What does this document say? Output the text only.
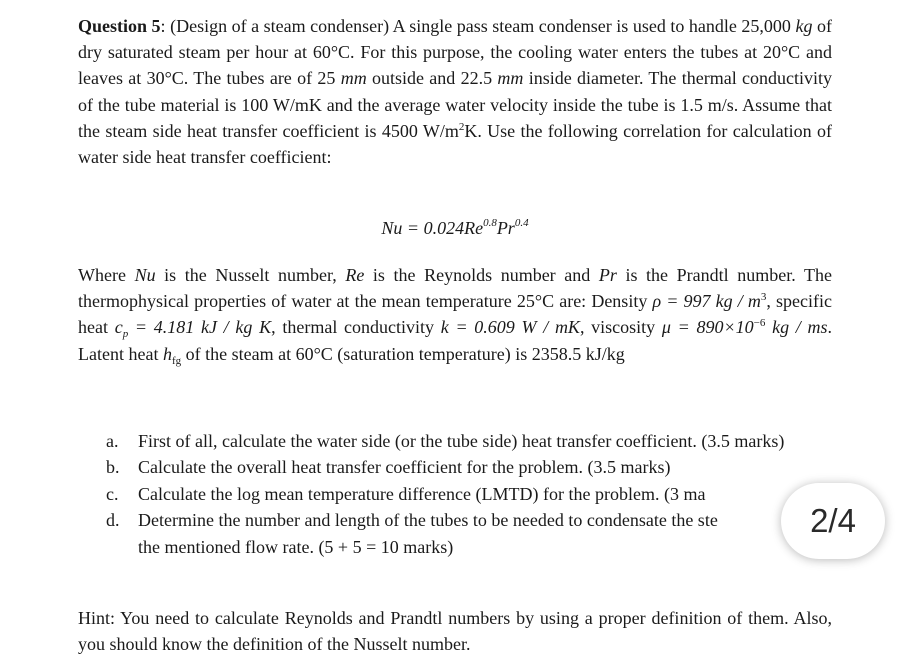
Question 5: (Design of a steam condenser) A single pass steam condenser is used to handle 25,000 kg of dry saturated steam per hour at 60°C. For this purpose, the cooling water enters the tubes at 20°C and leaves at 30°C. The tubes are of 25 mm outside and 22.5 mm inside diameter. The thermal conductivity of the tube material is 100 W/mK and the average water velocity inside the tube is 1.5 m/s. Assume that the steam side heat transfer coefficient is 4500 $W/m^2K$. Use the following correlation for calculation of water side heat transfer coefficient:

$Nu = 0.024Re^{0.8}Pr^{0.4}$

Where Nu is the Nusselt number, Re is the Reynolds number and Pr is the Prandtl number. The thermophysical properties of water at the mean temperature 25°C are: Density ρ = 997 kg / $m^3$, specific heat $c_p = 4.181$ kJ / kg K, thermal conductivity k = 0.609 W / mK, viscosity $\mu = 890\times 10^{-6}$ kg / ms. Latent heat $h_{fg}$ of the steam at 60°C (saturation temperature) is 2358.5 kJ/kg

a. First of all, calculate the water side (or the tube side) heat transfer coefficient. (3.5 marks)
b. Calculate the overall heat transfer coefficient for the problem. (3.5 marks)
c. Calculate the log mean temperature difference (LMTD) for the problem. (3 ma
d. Determine the number and length of the tubes to be needed to condensate the ste
the mentioned flow rate. (5 + 5 = 10 marks)

Hint: You need to calculate Reynolds and Prandtl numbers by using a proper definition of them. Also, you should know the definition of the Nusselt number.

2/4
